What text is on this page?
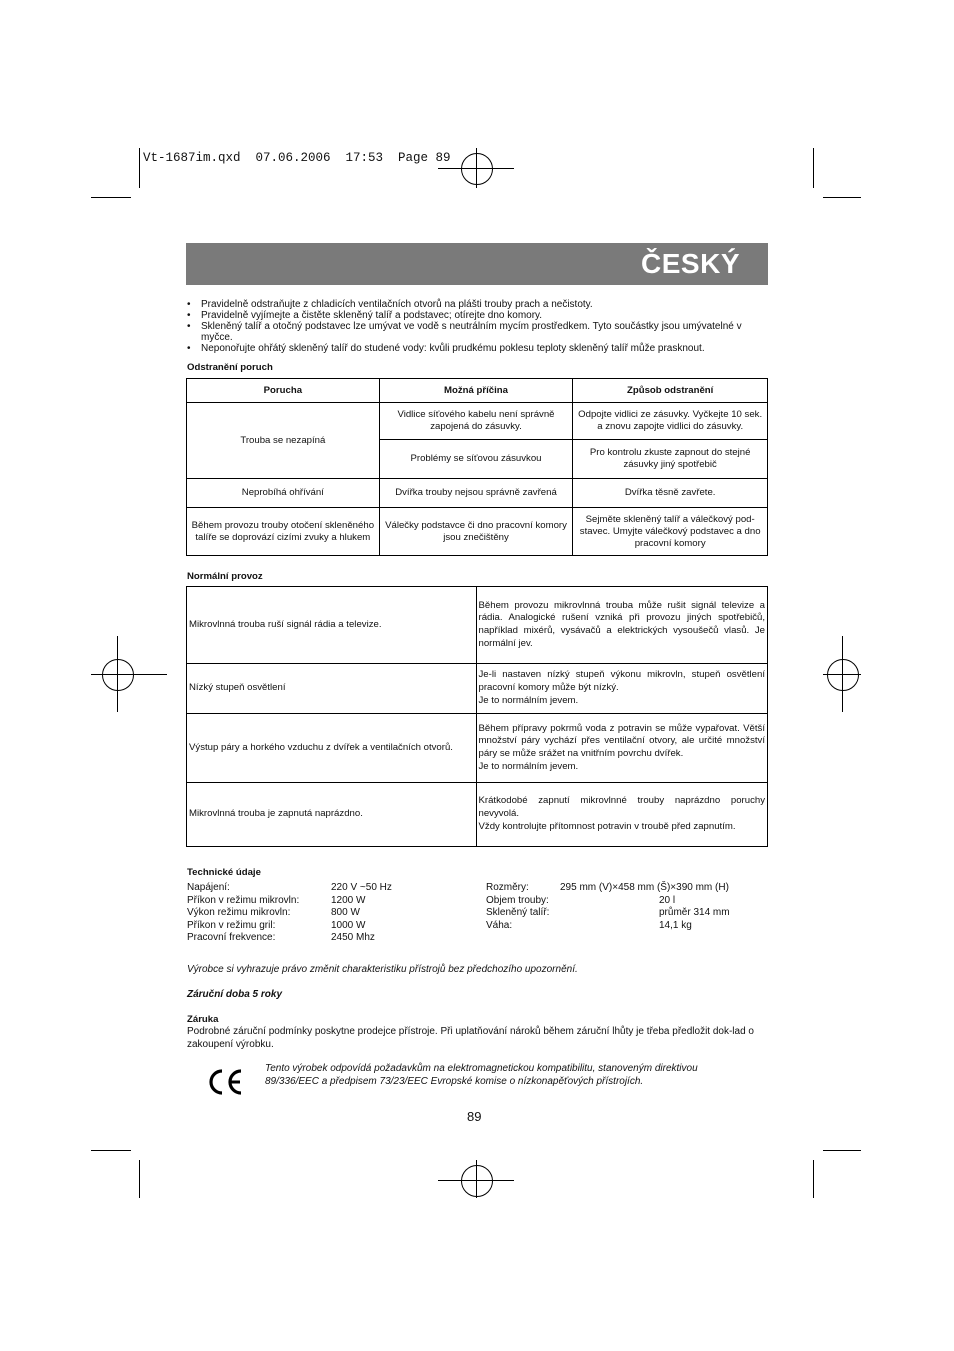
Vt-1687im.qxd  07.06.2006  17:53  Page 89
ČESKÝ
• Pravidelně odstraňujte z chladicích ventilačních otvorů na plášti trouby prach a nečistoty.
• Pravidelně vyjímejte a čistěte skleněný talíř a podstavec; otírejte dno komory.
• Skleněný talíř a otočný podstavec lze umývat ve vodě s neutrálním mycím prostředkem. Tyto součástky jsou umývatelné v myčce.
• Neponořujte ohřátý skleněný talíř do studené vody: kvůli prudkému poklesu teploty skleněný talíř může prasknout.
Odstranění poruch
Porucha	Možná příčina	Způsob odstranění
Trouba se nezapíná	Vidlice síťového kabelu není správně zapojená do zásuvky.	Odpojte vidlici ze zásuvky. Vyčkejte 10 sek. a znovu zapojte vidlici do zásuvky.
	Problémy se síťovou zásuvkou	Pro kontrolu zkuste zapnout do stejné zásuvky jiný spotřebič
Neprobíhá ohřívání	Dvířka trouby nejsou správně zavřená	Dvířka těsně zavřete.
Během provozu trouby otočení skleněného talíře se doprovází cizími zvuky a hlukem	Válečky podstavce či dno pracovní komory jsou znečištěny	Sejměte skleněný talíř a válečkový pod-stavec. Umyjte válečkový podstavec a dno pracovní komory
Normální provoz
Mikrovlnná trouba ruší signál rádia a televize.	Během provozu mikrovlnná trouba může rušit signál televize a rádia. Analogické rušení vzniká při provozu jiných spotřebičů, například mixérů, vysávačů a elektrických vysoušečů vlasů. Je normální jev.

Nízký stupeň osvětlení	Je-li nastaven nízký stupeň výkonu mikrovln, stupeň osvětlení pracovní komory může být nízký.
Je to normálním jevem.

Výstup páry a horkého vzduchu z dvířek a ventilačních otvorů.	Během přípravy pokrmů voda z potravin se může vypařovat. Větší množství páry vychází přes ventilační otvory, ale určité množství páry se může srážet na vnitřním povrchu dvířek.
Je to normálním jevem.

Mikrovlnná trouba je zapnutá naprázdno.	Krátkodobé zapnutí mikrovlnné trouby naprázdno poruchy nevyvolá.
Vždy kontrolujte přítomnost potravin v troubě před zapnutím.
Technické údaje
Napájení:	220 V ~50 Hz
Příkon v režimu mikrovln:	1200 W
Výkon režimu mikrovln:	800 W
Příkon v režimu gril:	1000 W
Pracovní frekvence:	2450 Mhz
Rozměry:	295 mm (V)×458 mm (Š)×390 mm (H)
Objem trouby:	20 l
Skleněný talíř:	průměr 314 mm
Váha:	14,1 kg
Výrobce si vyhrazuje právo změnit charakteristiku přístrojů bez předchozího upozornění.
Záruční doba 5 roky
Záruka
Podrobné záruční podmínky poskytne prodejce přístroje. Při uplatňování nároků během záruční lhůty je třeba předložit dok-lad o zakoupení výrobku.
Tento výrobek odpovídá požadavkům na elektromagnetickou kompatibilitu, stanoveným direktivou
89/336/EEC a předpisem 73/23/EEC Evropské komise o nízkonapěťových přístrojích.
89
